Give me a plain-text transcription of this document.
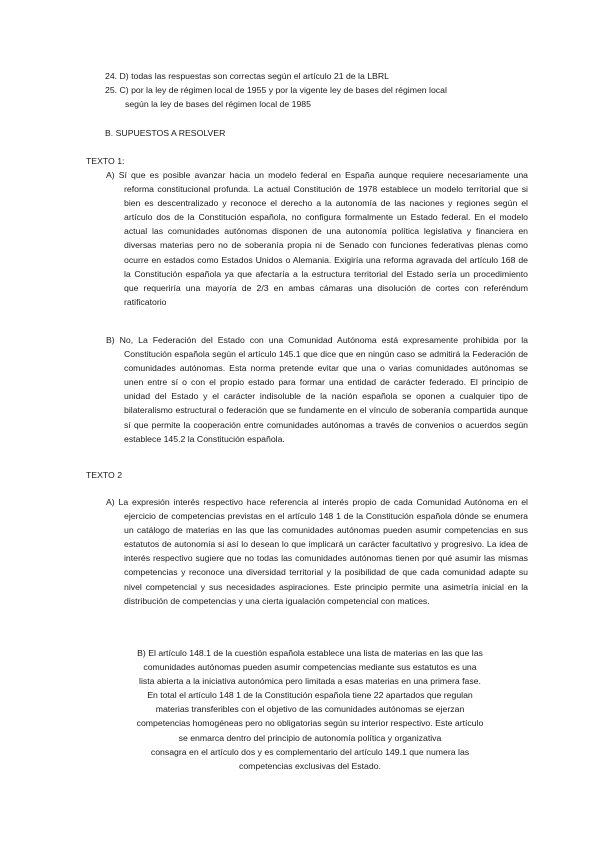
24. D) todas las respuestas son correctas según el artículo 21 de la LBRL
25. C) por la ley de régimen local de 1955 y por la vigente ley de bases del régimen local
según la ley de bases del régimen local de 1985
B. SUPUESTOS A RESOLVER
TEXTO 1:

A) Sí que es posible avanzar hacia un modelo federal en España aunque requiere necesariamente una reforma constitucional profunda. La actual Constitución de 1978 establece un modelo territorial que si bien es descentralizado y reconoce el derecho a la autonomía de las naciones y regiones según el artículo dos de la Constitución española, no configura formalmente un Estado federal. En el modelo actual las comunidades autónomas disponen de una autonomía política legislativa y financiera en diversas materias pero no de soberanía propia ni de Senado con funciones federativas plenas como ocurre en estados como Estados Unidos o Alemania. Exigiría una reforma agravada del artículo 168 de la Constitución española ya que afectaría a la estructura territorial del Estado sería un procedimiento que requeriría una mayoría de 2/3 en ambas cámaras una disolución de cortes con referéndum ratificatorio

B) No, La Federación del Estado con una Comunidad Autónoma está expresamente prohibida por la Constitución española según el artículo 145.1 que dice que en ningún caso se admitirá la Federación de comunidades autónomas. Esta norma pretende evitar que una o varias comunidades autónomas se unen entre sí o con el propio estado para formar una entidad de carácter federado. El principio de unidad del Estado y el carácter indisoluble de la nación española se oponen a cualquier tipo de bilateralismo estructural o federación que se fundamente en el vínculo de soberanía compartida aunque sí que permite la cooperación entre comunidades autónomas a través de convenios o acuerdos según establece 145.2 la Constitución española.

TEXTO 2

A) La expresión interés respectivo hace referencia al interés propio de cada Comunidad Autónoma en el ejercicio de competencias previstas en el artículo 148 1 de la Constitución española dónde se enumera un catálogo de materias en las que las comunidades autónomas pueden asumir competencias en sus estatutos de autonomía si así lo desean lo que implicará un carácter facultativo y progresivo. La idea de interés respectivo sugiere que no todas las comunidades autónomas tienen por qué asumir las mismas competencias y reconoce una diversidad territorial y la posibilidad de que cada comunidad adapte su nivel competencial y sus necesidades aspiraciones. Este principio permite una asimetría inicial en la distribución de competencias y una cierta igualación competencial con matices.

B) El artículo 148.1 de la cuestión española establece una lista de materias en las que las
comunidades autónomas pueden asumir competencias mediante sus estatutos es una
lista abierta a la iniciativa autonómica pero limitada a esas materias en una primera fase.
En total el artículo 148 1 de la Constitución española tiene 22 apartados que regulan
materias transferibles con el objetivo de las comunidades autónomas se ejerzan
competencias homogéneas pero no obligatorias según su interior respectivo. Este artículo
se enmarca dentro del principio de autonomía política y organizativa
consagra en el artículo dos y es complementario del artículo 149.1 que numera las
competencias exclusivas del Estado.
